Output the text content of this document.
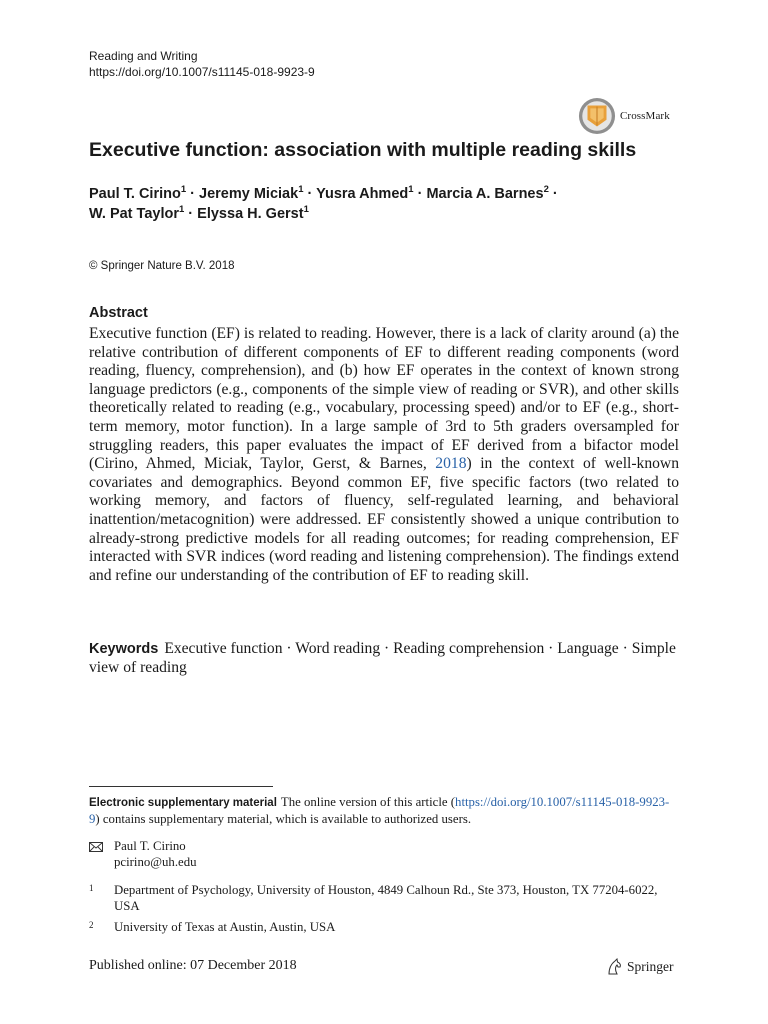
Reading and Writing
https://doi.org/10.1007/s11145-018-9923-9
CrossMark
Executive function: association with multiple reading skills
Paul T. Cirino$^1$ · Jeremy Miciak$^1$ · Yusra Ahmed$^1$ · Marcia A. Barnes$^2$ ·
W. Pat Taylor$^1$ · Elyssa H. Gerst$^1$
© Springer Nature B.V. 2018
Abstract

Executive function (EF) is related to reading. However, there is a lack of clarity around (a) the relative contribution of different components of EF to different reading components (word reading, fluency, comprehension), and (b) how EF operates in the context of known strong language predictors (e.g., components of the simple view of reading or SVR), and other skills theoretically related to reading (e.g., vocabulary, processing speed) and/or to EF (e.g., short-term memory, motor function). In a large sample of 3rd to 5th graders oversampled for struggling readers, this paper evaluates the impact of EF derived from a bifactor model (Cirino, Ahmed, Miciak, Taylor, Gerst, & Barnes, 2018) in the context of well-known covariates and demographics. Beyond common EF, five specific factors (two related to working memory, and factors of fluency, self-regulated learning, and behavioral inattention/metacognition) were addressed. EF consistently showed a unique contribution to already-strong predictive models for all reading outcomes; for reading comprehension, EF interacted with SVR indices (word reading and listening comprehension). The findings extend and refine our understanding of the contribution of EF to reading skill.

Keywords Executive function · Word reading · Reading comprehension · Language · Simple view of reading
Electronic supplementary material The online version of this article (https://doi.org/10.1007/s11145-018-9923-9) contains supplementary material, which is available to authorized users.
Paul T. Cirino
pcirino@uh.edu
1 Department of Psychology, University of Houston, 4849 Calhoun Rd., Ste 373, Houston, TX 77204-6022, USA
2 University of Texas at Austin, Austin, USA
Published online: 07 December 2018	Springer
